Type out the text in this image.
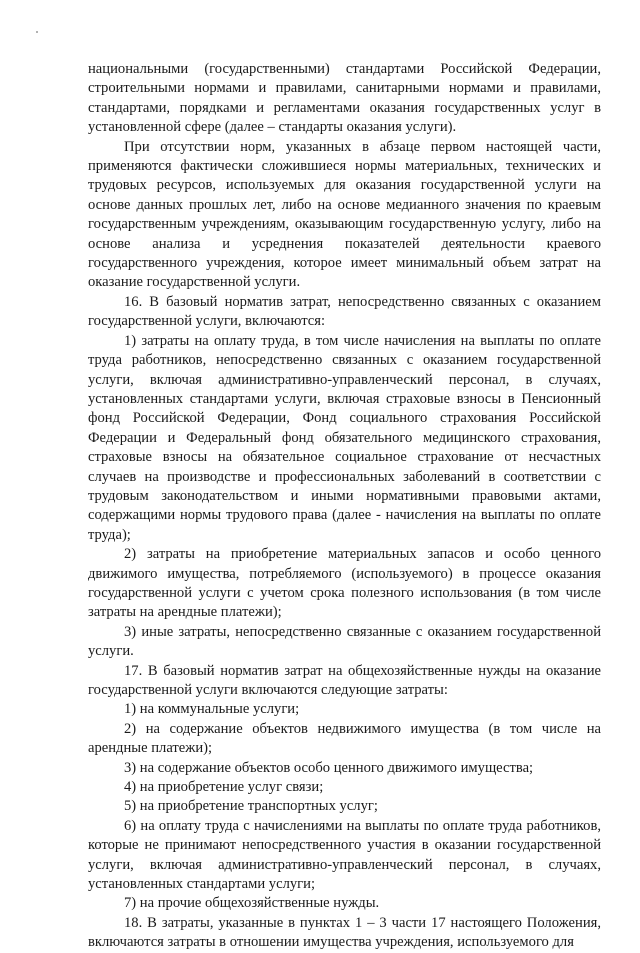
национальными (государственными) стандартами Российской Федерации, строительными нормами и правилами, санитарными нормами и правилами, стандартами, порядками и регламентами оказания государственных услуг в установленной сфере (далее – стандарты оказания услуги).

При отсутствии норм, указанных в абзаце первом настоящей части, применяются фактически сложившиеся нормы материальных, технических и трудовых ресурсов, используемых для оказания государственной услуги на основе данных прошлых лет, либо на основе медианного значения по краевым государственным учреждениям, оказывающим государственную услугу, либо на основе анализа и усреднения показателей деятельности краевого государственного учреждения, которое имеет минимальный объем затрат на оказание государственной услуги.

16. В базовый норматив затрат, непосредственно связанных с оказанием государственной услуги, включаются:

1) затраты на оплату труда, в том числе начисления на выплаты по оплате труда работников, непосредственно связанных с оказанием государственной услуги, включая административно-управленческий персонал, в случаях, установленных стандартами услуги, включая страховые взносы в Пенсионный фонд Российской Федерации, Фонд социального страхования Российской Федерации и Федеральный фонд обязательного медицинского страхования, страховые взносы на обязательное социальное страхование от несчастных случаев на производстве и профессиональных заболеваний в соответствии с трудовым законодательством и иными нормативными правовыми актами, содержащими нормы трудового права (далее - начисления на выплаты по оплате труда);

2) затраты на приобретение материальных запасов и особо ценного движимого имущества, потребляемого (используемого) в процессе оказания государственной услуги с учетом срока полезного использования (в том числе затраты на арендные платежи);

3) иные затраты, непосредственно связанные с оказанием государственной услуги.

17. В базовый норматив затрат на общехозяйственные нужды на оказание государственной услуги включаются следующие затраты:

1) на коммунальные услуги;

2) на содержание объектов недвижимого имущества (в том числе на арендные платежи);

3) на содержание объектов особо ценного движимого имущества;

4) на приобретение услуг связи;

5) на приобретение транспортных услуг;

6) на оплату труда с начислениями на выплаты по оплате труда работников, которые не принимают непосредственного участия в оказании государственной услуги, включая административно-управленческий персонал, в случаях, установленных стандартами услуги;

7) на прочие общехозяйственные нужды.

18. В затраты, указанные в пунктах 1 – 3 части 17 настоящего Положения, включаются затраты в отношении имущества учреждения, используемого для
